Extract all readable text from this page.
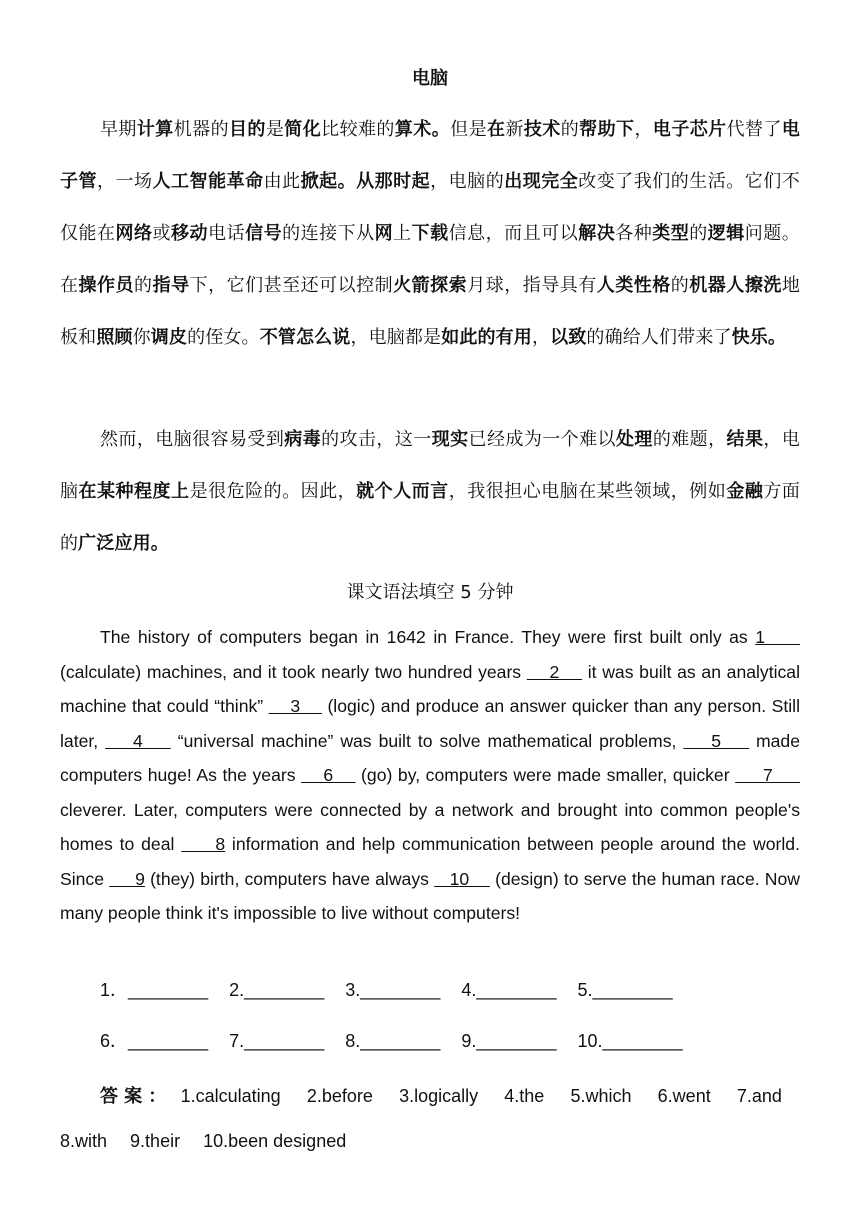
电脑
早期计算机器的目的是简化比较难的算术。但是在新技术的帮助下，电子芯片代替了电子管，一场人工智能革命由此掀起。从那时起，电脑的出现完全改变了我们的生活。它们不仅能在网络或移动电话信号的连接下从网上下载信息，而且可以解决各种类型的逻辑问题。在操作员的指导下，它们甚至还可以控制火箭探索月球，指导具有人类性格的机器人擦洗地板和照顾你调皮的侄女。不管怎么说，电脑都是如此的有用，以致的确给人们带来了快乐。
然而，电脑很容易受到病毒的攻击，这一现实已经成为一个难以处理的难题，结果，电脑在某种程度上是很危险的。因此，就个人而言，我很担心电脑在某些领域，例如金融方面的广泛应用。
课文语法填空 5 分钟
The history of computers began in 1642 in France. They were first built only as 1      (calculate) machines, and it took nearly two hundred years     2     it was built as an analytical machine that could “think”     3     (logic) and produce an answer quicker than any person. Still later,     4     “universal machine” was built to solve mathematical problems,     5     made computers huge! As the years     6     (go) by, computers were made smaller, quicker      7      cleverer. Later, computers were connected by a network and brought into common people's homes to deal      8 information and help communication between people around the world. Since      9 (they) birth, computers have always    10     (design) to serve the human race. Now many people think it's impossible to live without computers!
1．________ 2.________ 3.________ 4.________ 5.________
6．________ 7.________ 8.________ 9.________ 10.________
答案： 1.calculating 2.before 3.logically 4.the 5.which 6.went 7.and 8.with 9.their 10.been designed
